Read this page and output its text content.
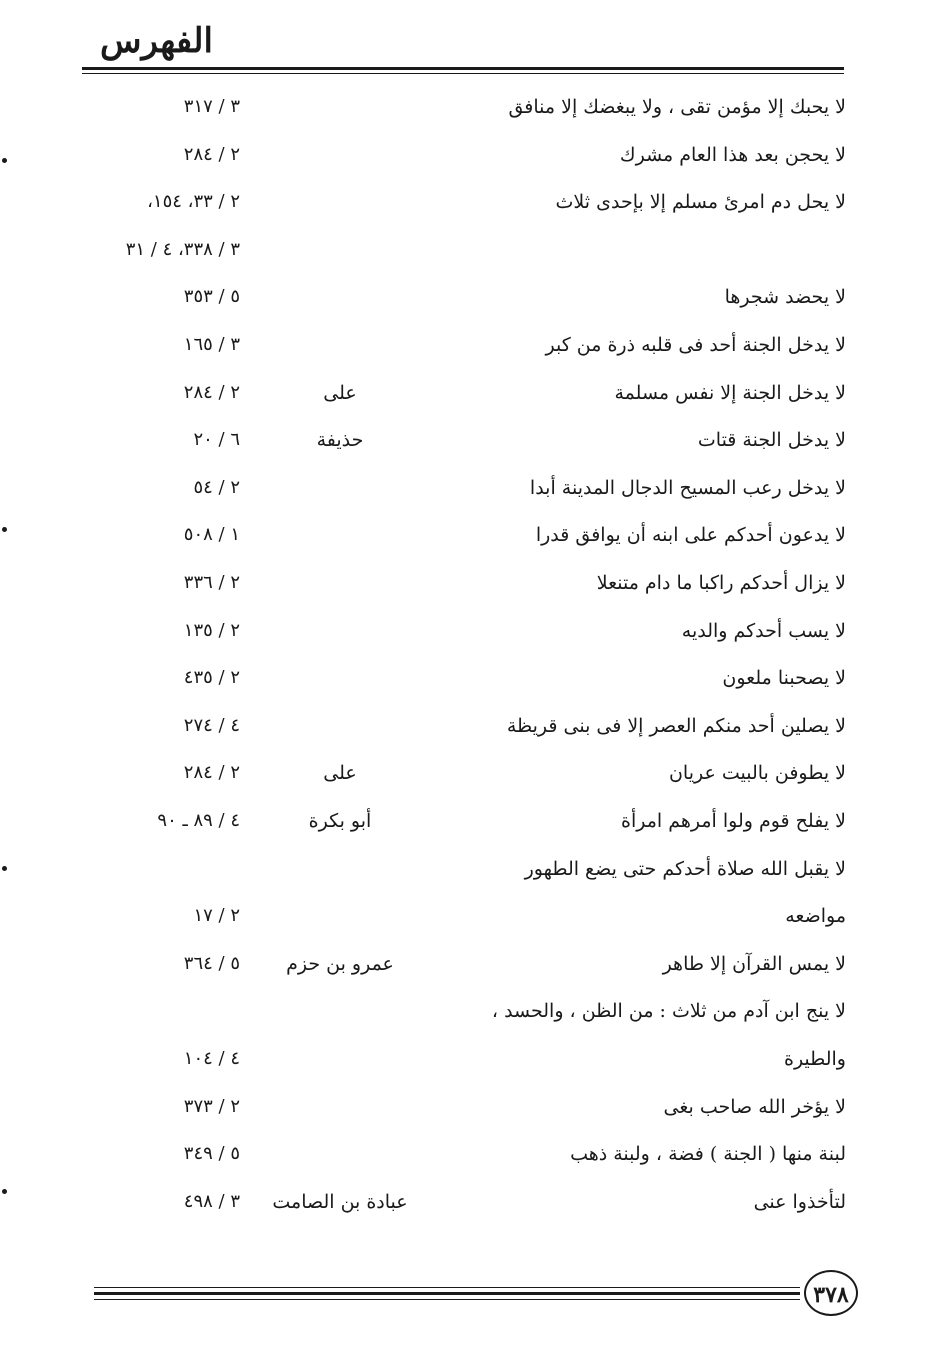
الفهرس
لا يحبك إلا مؤمن تقى ، ولا يبغضك إلا منافق
٣ / ٣١٧
لا يحجن بعد هذا العام مشرك
٢ / ٢٨٤
لا يحل دم امرئ مسلم إلا بإحدى ثلاث
٢ / ٣٣، ١٥٤،
٣ / ٣٣٨، ٤ / ٣١
لا يحضد شجرها
٥ / ٣٥٣
لا يدخل الجنة أحد فى قلبه ذرة من كبر
٣ / ١٦٥
لا يدخل الجنة إلا نفس مسلمة
على
٢ / ٢٨٤
لا يدخل الجنة قتات
حذيفة
٦ / ٢٠
لا يدخل رعب المسيح الدجال المدينة أبدا
٢ / ٥٤
لا يدعون أحدكم على ابنه أن يوافق قدرا
١ / ٥٠٨
لا يزال أحدكم راكبا ما دام متنعلا
٢ / ٣٣٦
لا يسب أحدكم والديه
٢ / ١٣٥
لا يصحبنا ملعون
٢ / ٤٣٥
لا يصلين أحد منكم العصر إلا فى بنى قريظة
٤ / ٢٧٤
لا يطوفن بالبيت عريان
على
٢ / ٢٨٤
لا يفلح قوم ولوا أمرهم امرأة
أبو بكرة
٤ / ٨٩ ـ ٩٠
لا يقبل الله صلاة أحدكم حتى يضع الطهور
مواضعه
٢ / ١٧
لا يمس القرآن إلا طاهر
عمرو بن حزم
٥ / ٣٦٤
لا ينج ابن آدم من ثلاث : من الظن ، والحسد ،
والطيرة
٤ / ١٠٤
لا يؤخر الله صاحب بغى
٢ / ٣٧٣
لبنة منها ( الجنة ) فضة ، ولبنة ذهب
٥ / ٣٤٩
لتأخذوا عنى
عبادة بن الصامت
٣ / ٤٩٨
٣٧٨
